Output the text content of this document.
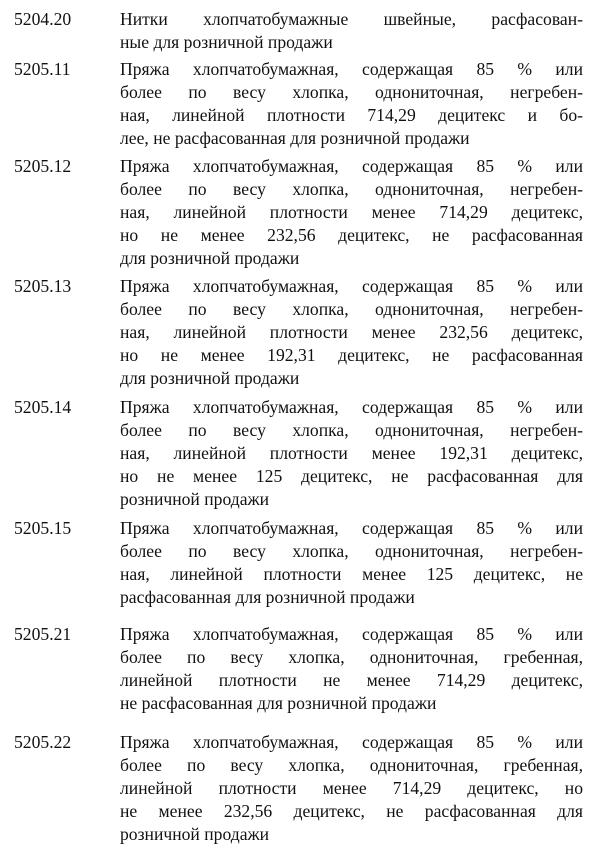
5204.20	Нитки хлопчатобумажные швейные, расфасован-
ные для розничной продажи
5205.11	Пряжа хлопчатобумажная, содержащая 85 % или
более по весу хлопка, однониточная, негребен-
ная, линейной плотности 714,29 децитекс и бо-
лее, не расфасованная для розничной продажи
5205.12	Пряжа хлопчатобумажная, содержащая 85 % или
более по весу хлопка, однониточная, негребен-
ная, линейной плотности менее 714,29 децитекс,
но не менее 232,56 децитекс, не расфасованная
для розничной продажи
5205.13	Пряжа хлопчатобумажная, содержащая 85 % или
более по весу хлопка, однониточная, негребен-
ная, линейной плотности менее 232,56 децитекс,
но не менее 192,31 децитекс, не расфасованная
для розничной продажи
5205.14	Пряжа хлопчатобумажная, содержащая 85 % или
более по весу хлопка, однониточная, негребен-
ная, линейной плотности менее 192,31 децитекс,
но не менее 125 децитекс, не расфасованная для
розничной продажи
5205.15	Пряжа хлопчатобумажная, содержащая 85 % или
более по весу хлопка, однониточная, негребен-
ная, линейной плотности менее 125 децитекс, не
расфасованная для розничной продажи
5205.21	Пряжа хлопчатобумажная, содержащая 85 % или
более по весу хлопка, однониточная, гребенная,
линейной плотности не менее 714,29 децитекс,
не расфасованная для розничной продажи
5205.22	Пряжа хлопчатобумажная, содержащая 85 % или
более по весу хлопка, однониточная, гребенная,
линейной плотности менее 714,29 децитекс, но
не менее 232,56 децитекс, не расфасованная для
розничной продажи
